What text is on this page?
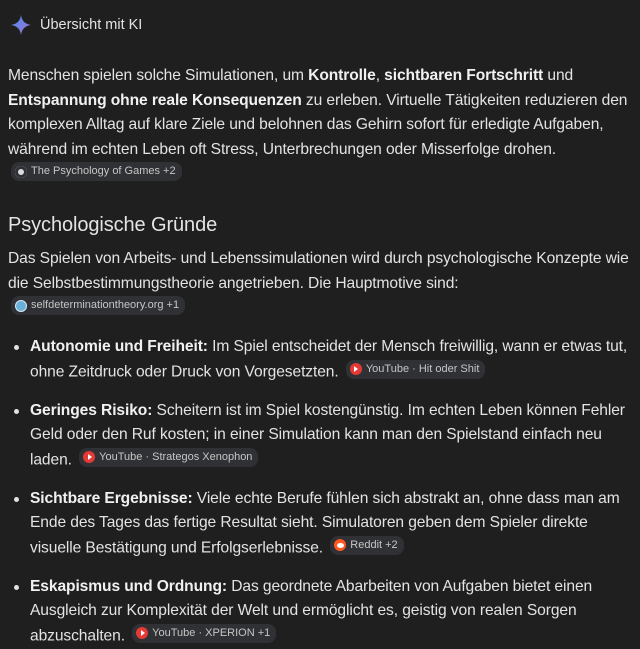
Übersicht mit KI

Menschen spielen solche Simulationen, um Kontrolle, sichtbaren Fortschritt und Entspannung ohne reale Konsequenzen zu erleben. Virtuelle Tätigkeiten reduzieren den komplexen Alltag auf klare Ziele und belohnen das Gehirn sofort für erledigte Aufgaben, während im echten Leben oft Stress, Unterbrechungen oder Misserfolge drohen.
The Psychology of Games +2

Psychologische Gründe

Das Spielen von Arbeits- und Lebenssimulationen wird durch psychologische Konzepte wie die Selbstbestimmungstheorie angetrieben. Die Hauptmotive sind:
selfdeterminationtheory.org +1

Autonomie und Freiheit: Im Spiel entscheidet der Mensch freiwillig, wann er etwas tut, ohne Zeitdruck oder Druck von Vorgesetzten. YouTube · Hit oder Shit
Geringes Risiko: Scheitern ist im Spiel kostengünstig. Im echten Leben können Fehler Geld oder den Ruf kosten; in einer Simulation kann man den Spielstand einfach neu laden. YouTube · Strategos Xenophon
Sichtbare Ergebnisse: Viele echte Berufe fühlen sich abstrakt an, ohne dass man am Ende des Tages das fertige Resultat sieht. Simulatoren geben dem Spieler direkte visuelle Bestätigung und Erfolgserlebnisse. Reddit +2
Eskapismus und Ordnung: Das geordnete Abarbeiten von Aufgaben bietet einen Ausgleich zur Komplexität der Welt und ermöglicht es, geistig von realen Sorgen abzuschalten. YouTube · XPERION +1
